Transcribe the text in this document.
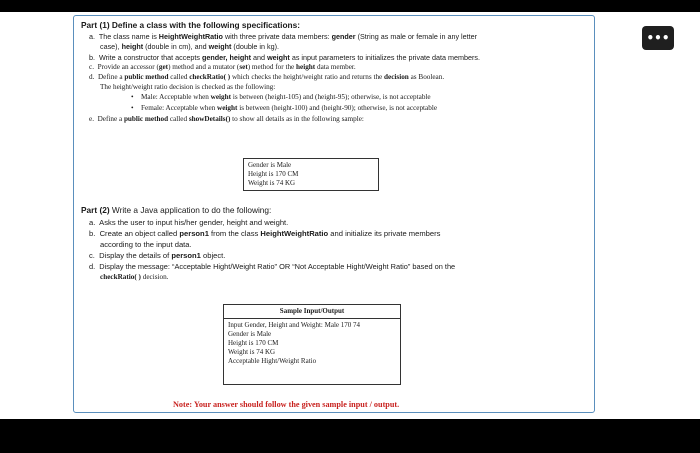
•••
Part (1) Define a class with the following specifications:
a. The class name is HeightWeightRatio with three private data members: gender (String as male or female in any letter
case), height (double in cm), and weight (double in kg).
b. Write a constructor that accepts gender, height and weight as input parameters to initializes the private data members.
c. Provide an accessor (get) method and a mutator (set) method for the height data member.
d. Define a public method called checkRatio( ) which checks the height/weight ratio and returns the decision as Boolean.
The height/weight ratio decision is checked as the following:
• Male: Acceptable when weight is between (height-105) and (height-95); otherwise, is not acceptable
• Female: Acceptable when weight is between (height-100) and (height-90); otherwise, is not acceptable
e. Define a public method called showDetails() to show all details as in the following sample:
Gender is Male
Height is 170 CM
Weight is 74 KG
Part (2) Write a Java application to do the following:
a. Asks the user to input his/her gender, height and weight.
b. Create an object called person1 from the class HeightWeightRatio and initialize its private members
according to the input data.
c. Display the details of person1 object.
d. Display the message: “Acceptable Hight/Weight Ratio” OR “Not Acceptable Hight/Weight Ratio” based on the
checkRatio( ) decision.
Sample Input/Output
Input Gender, Height and Weight: Male 170 74
Gender is Male
Height is 170 CM
Weight is 74 KG
Acceptable Hight/Weight Ratio
Note: Your answer should follow the given sample input / output.
